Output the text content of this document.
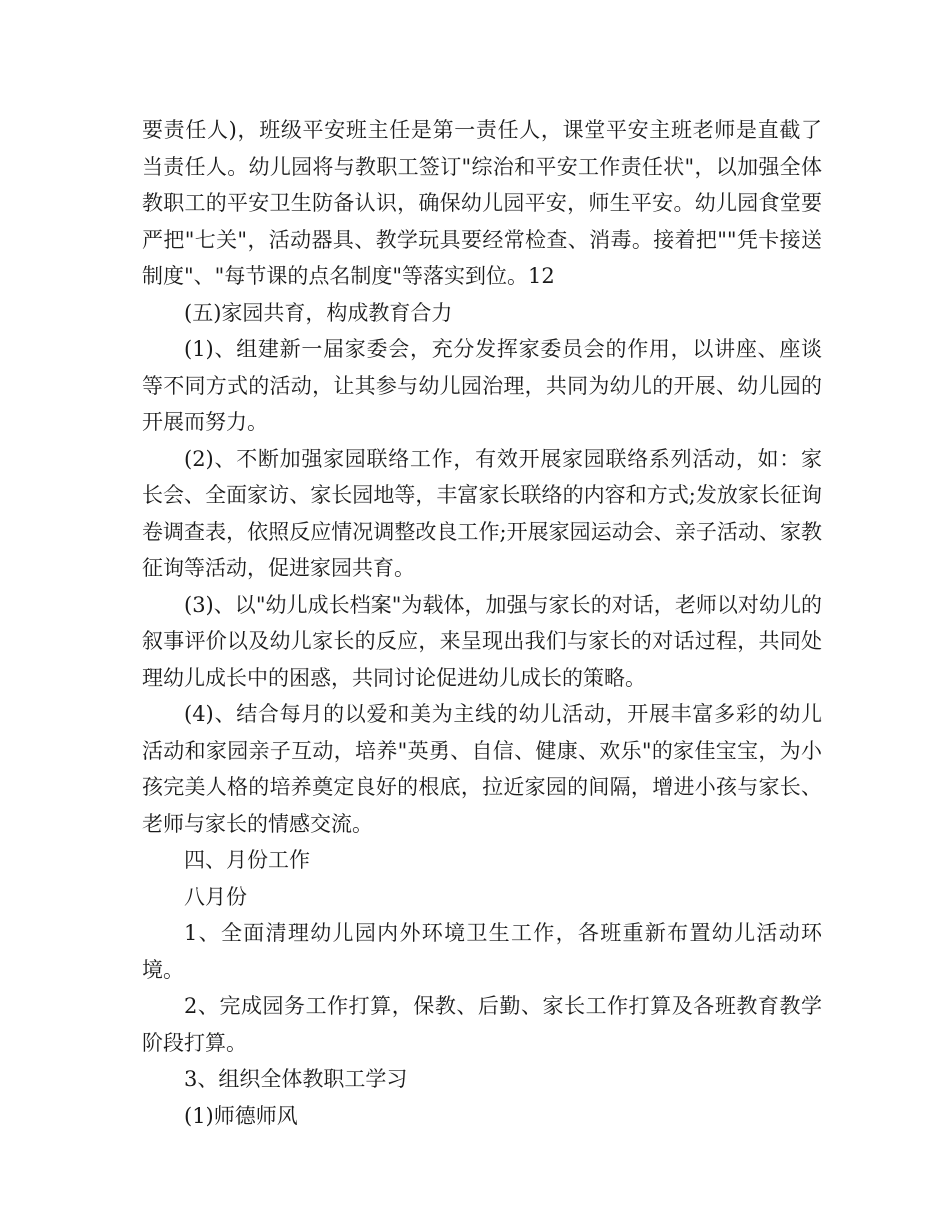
要责任人)，班级平安班主任是第一责任人，课堂平安主班老师是直截了当责任人。幼儿园将与教职工签订"综治和平安工作责任状"，以加强全体教职工的平安卫生防备认识，确保幼儿园平安，师生平安。幼儿园食堂要严把"七关"，活动器具、教学玩具要经常检查、消毒。接着把""凭卡接送制度"、"每节课的点名制度"等落实到位。12

(五)家园共育，构成教育合力

(1)、组建新一届家委会，充分发挥家委员会的作用，以讲座、座谈等不同方式的活动，让其参与幼儿园治理，共同为幼儿的开展、幼儿园的开展而努力。

(2)、不断加强家园联络工作，有效开展家园联络系列活动，如：家长会、全面家访、家长园地等，丰富家长联络的内容和方式;发放家长征询卷调查表，依照反应情况调整改良工作;开展家园运动会、亲子活动、家教征询等活动，促进家园共育。

(3)、以"幼儿成长档案"为载体，加强与家长的对话，老师以对幼儿的叙事评价以及幼儿家长的反应，来呈现出我们与家长的对话过程，共同处理幼儿成长中的困惑，共同讨论促进幼儿成长的策略。

(4)、结合每月的以爱和美为主线的幼儿活动，开展丰富多彩的幼儿活动和家园亲子互动，培养"英勇、自信、健康、欢乐"的家佳宝宝，为小孩完美人格的培养奠定良好的根底，拉近家园的间隔，增进小孩与家长、老师与家长的情感交流。

四、月份工作

八月份

1、全面清理幼儿园内外环境卫生工作，各班重新布置幼儿活动环境。

2、完成园务工作打算，保教、后勤、家长工作打算及各班教育教学阶段打算。

3、组织全体教职工学习

(1)师德师风
